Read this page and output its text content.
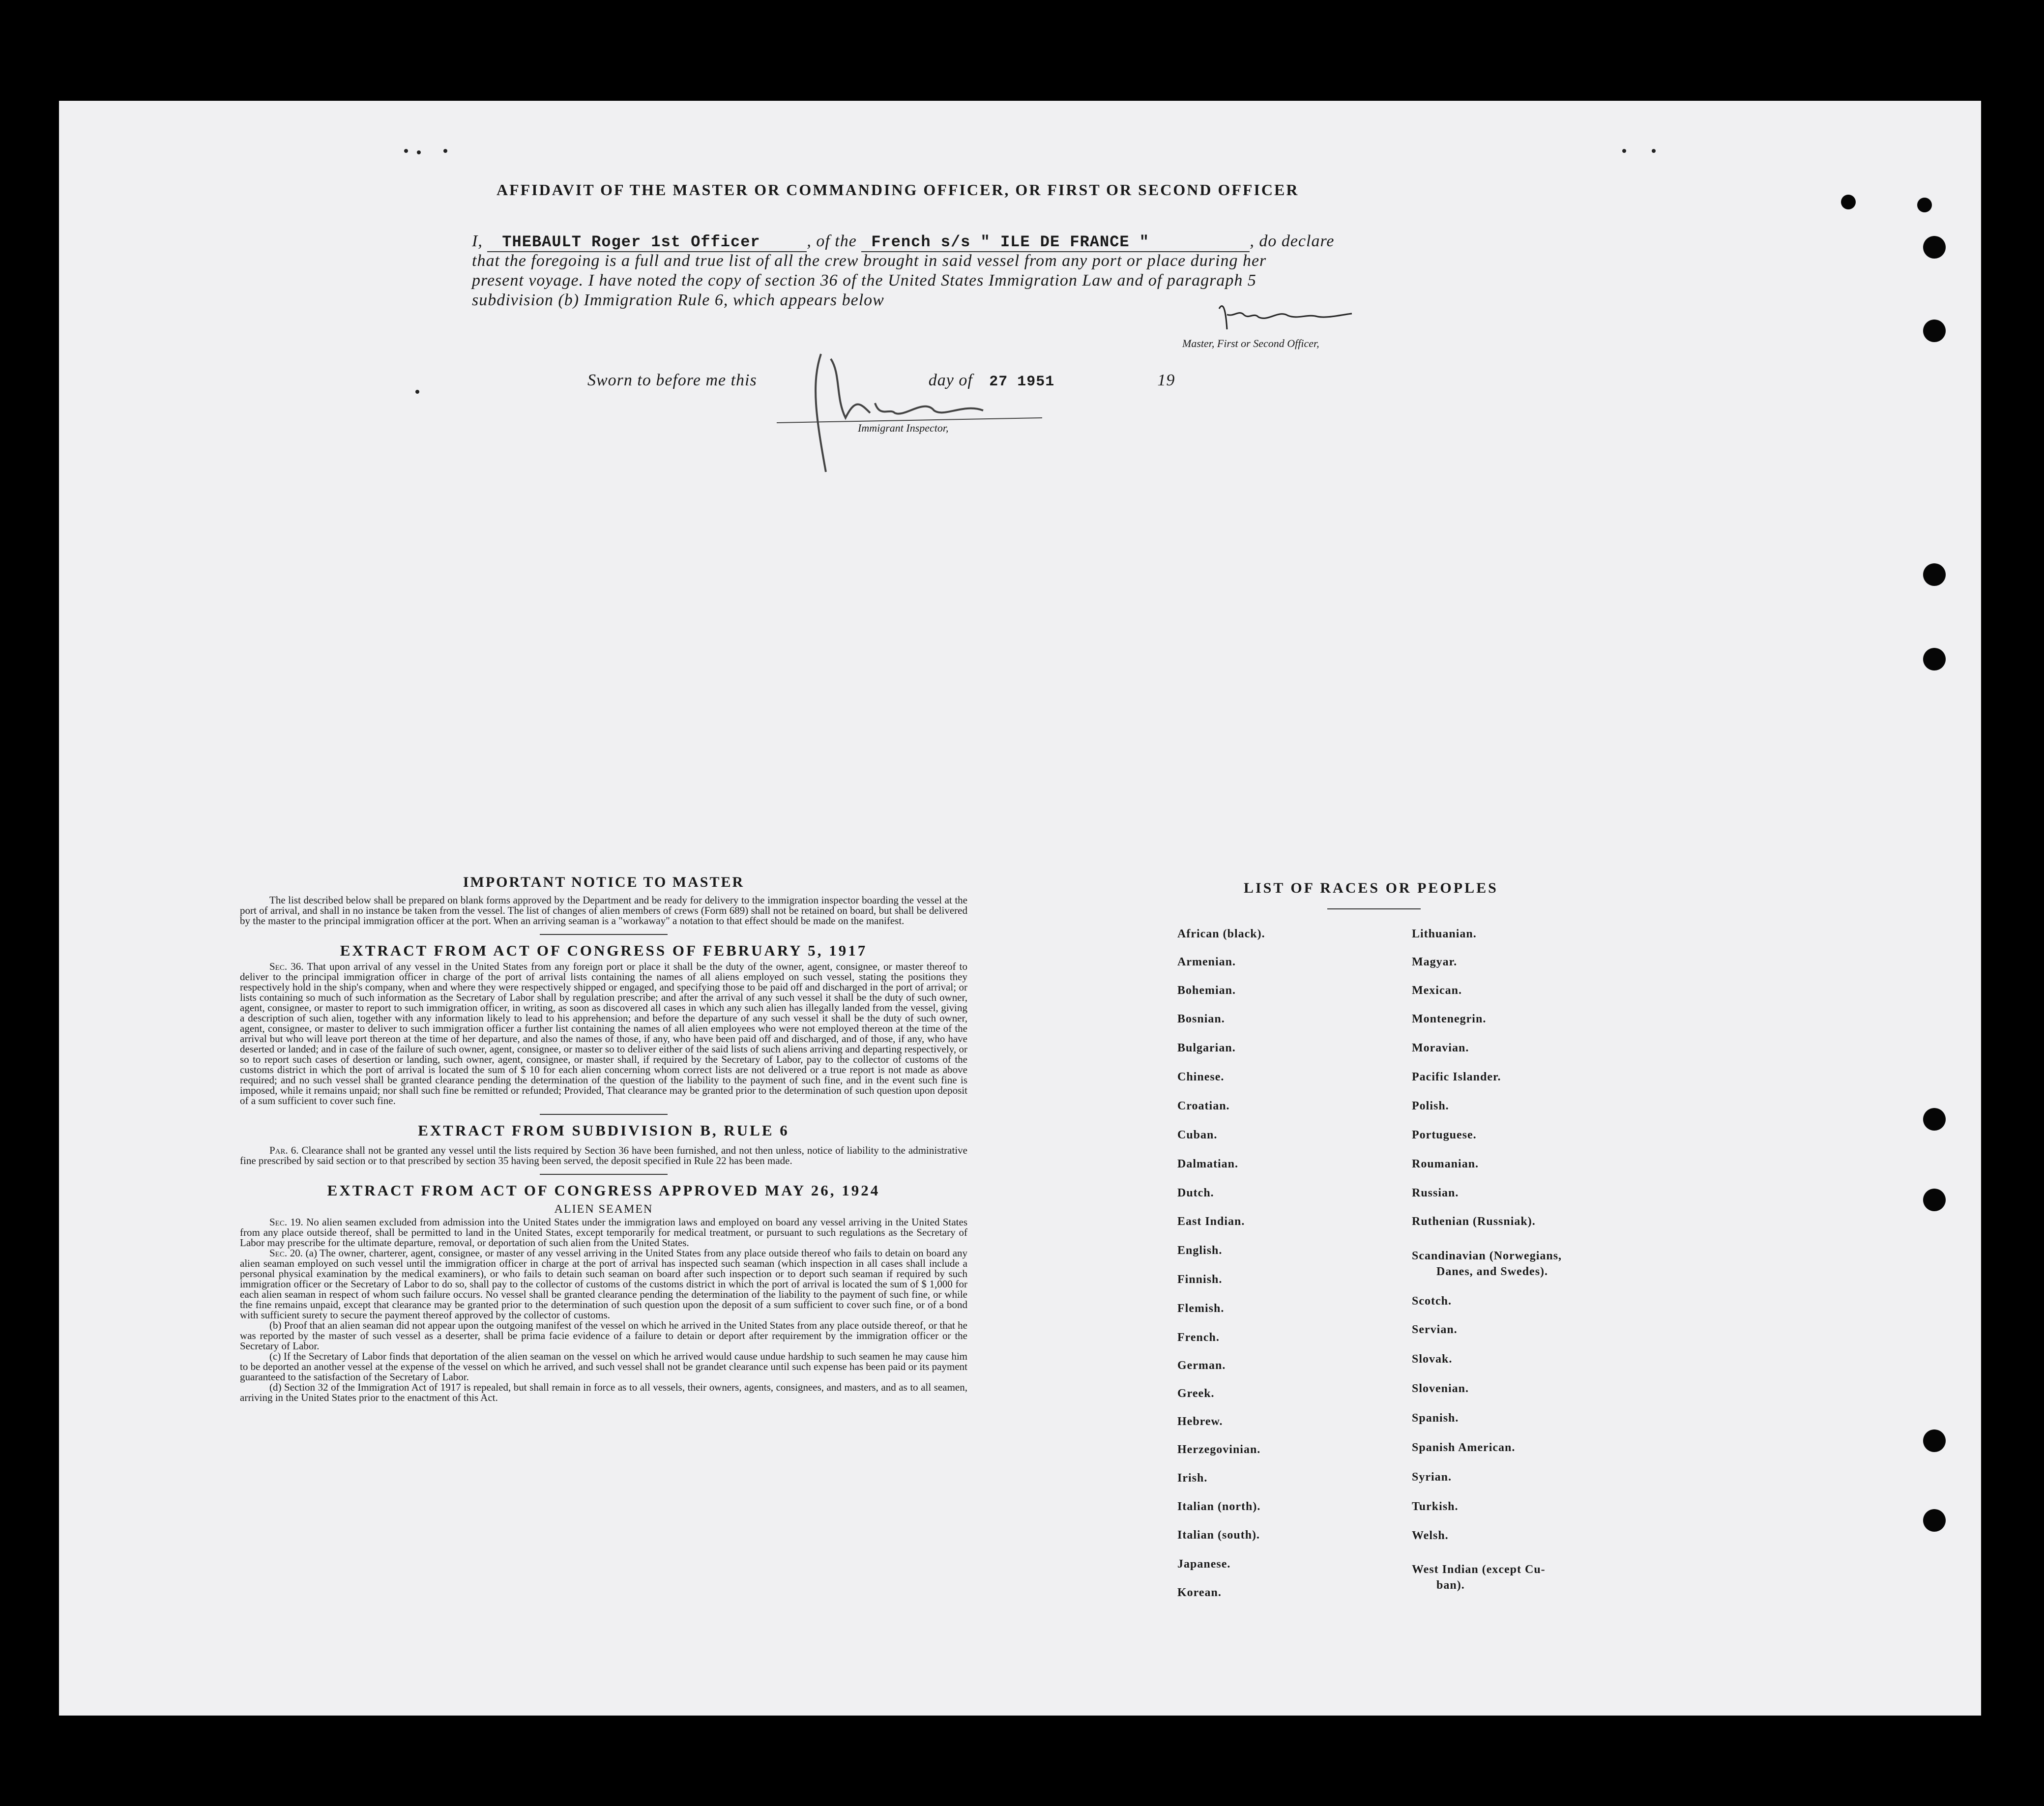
AFFIDAVIT OF THE MASTER OR COMMANDING OFFICER, OR FIRST OR SECOND OFFICER
I, THEBAULT Roger 1st Officer	, of the French s/s " ILE DE FRANCE "	, do declare
that the foregoing is a full and true list of all the crew brought in said vessel from any port or place during her
present voyage. I have noted the copy of section 36 of the United States Immigration Law and of paragraph 5
subdivision (b) Immigration Rule 6, which appears below
Master, First or Second Officer,
Sworn to before me this	day of 27 1951	19
Immigrant Inspector,

IMPORTANT NOTICE TO MASTER

The list described below shall be prepared on blank forms approved by the Department and be ready for delivery to the immigration inspector boarding the vessel at the port of arrival, and shall in no instance be taken from the vessel. The list of changes of alien members of crews (Form 689) shall not be retained on board, but shall be delivered by the master to the principal immigration officer at the port. When an arriving seaman is a "workaway" a notation to that effect should be made on the manifest.

EXTRACT FROM ACT OF CONGRESS OF FEBRUARY 5, 1917

Sec. 36. That upon arrival of any vessel in the United States from any foreign port or place it shall be the duty of the owner, agent, consignee, or master thereof to deliver to the principal immigration officer in charge of the port of arrival lists containing the names of all aliens employed on such vessel, stating the positions they respectively hold in the ship's company, when and where they were respectively shipped or engaged, and specifying those to be paid off and discharged in the port of arrival; or lists containing so much of such information as the Secretary of Labor shall by regulation prescribe; and after the arrival of any such vessel it shall be the duty of such owner, agent, consignee, or master to report to such immigration officer, in writing, as soon as discovered all cases in which any such alien has illegally landed from the vessel, giving a description of such alien, together with any information likely to lead to his apprehension; and before the departure of any such vessel it shall be the duty of such owner, agent, consignee, or master to deliver to such immigration officer a further list containing the names of all alien employees who were not employed thereon at the time of the arrival but who will leave port thereon at the time of her departure, and also the names of those, if any, who have been paid off and discharged, and of those, if any, who have deserted or landed; and in case of the failure of such owner, agent, consignee, or master so to deliver either of the said lists of such aliens arriving and departing respectively, or so to report such cases of desertion or landing, such owner, agent, consignee, or master shall, if required by the Secretary of Labor, pay to the collector of customs of the customs district in which the port of arrival is located the sum of $ 10 for each alien concerning whom correct lists are not delivered or a true report is not made as above required; and no such vessel shall be granted clearance pending the determination of the question of the liability to the payment of such fine, and in the event such fine is imposed, while it remains unpaid; nor shall such fine be remitted or refunded; Provided, That clearance may be granted prior to the determination of such question upon deposit of a sum sufficient to cover such fine.

EXTRACT FROM SUBDIVISION B, RULE 6

Par. 6. Clearance shall not be granted any vessel until the lists required by Section 36 have been furnished, and not then unless, notice of liability to the administrative fine prescribed by said section or to that prescribed by section 35 having been served, the deposit specified in Rule 22 has been made.

EXTRACT FROM ACT OF CONGRESS APPROVED MAY 26, 1924

ALIEN SEAMEN

Sec. 19. No alien seamen excluded from admission into the United States under the immigration laws and employed on board any vessel arriving in the United States from any place outside thereof, shall be permitted to land in the United States, except temporarily for medical treatment, or pursuant to such regulations as the Secretary of Labor may prescribe for the ultimate departure, removal, or deportation of such alien from the United States.

Sec. 20. (a) The owner, charterer, agent, consignee, or master of any vessel arriving in the United States from any place outside thereof who fails to detain on board any alien seaman employed on such vessel until the immigration officer in charge at the port of arrival has inspected such seaman (which inspection in all cases shall include a personal physical examination by the medical examiners), or who fails to detain such seaman on board after such inspection or to deport such seaman if required by such immigration officer or the Secretary of Labor to do so, shall pay to the collector of customs of the customs district in which the port of arrival is located the sum of $ 1,000 for each alien seaman in respect of whom such failure occurs. No vessel shall be granted clearance pending the determination of the liability to the payment of such fine, or while the fine remains unpaid, except that clearance may be granted prior to the determination of such question upon the deposit of a sum sufficient to cover such fine, or of a bond with sufficient surety to secure the payment thereof approved by the collector of customs.

(b) Proof that an alien seaman did not appear upon the outgoing manifest of the vessel on which he arrived in the United States from any place outside thereof, or that he was reported by the master of such vessel as a deserter, shall be prima facie evidence of a failure to detain or deport after requirement by the immigration officer or the Secretary of Labor.

(c) If the Secretary of Labor finds that deportation of the alien seaman on the vessel on which he arrived would cause undue hardship to such seamen he may cause him to be deported an another vessel at the expense of the vessel on which he arrived, and such vessel shall not be grandet clearance until such expense has been paid or its payment guaranteed to the satisfaction of the Secretary of Labor.

(d) Section 32 of the Immigration Act of 1917 is repealed, but shall remain in force as to all vessels, their owners, agents, consignees, and masters, and as to all seamen, arriving in the United States prior to the enactment of this Act.

LIST OF RACES OR PEOPLES
African (black).
Armenian.
Bohemian.
Bosnian.
Bulgarian.
Chinese.
Croatian.
Cuban.
Dalmatian.
Dutch.
East Indian.
English.
Finnish.
Flemish.
French.
German.
Greek.
Hebrew.
Herzegovinian.
Irish.
Italian (north).
Italian (south).
Japanese.
Korean.
Lithuanian.
Magyar.
Mexican.
Montenegrin.
Moravian.
Pacific Islander.
Polish.
Portuguese.
Roumanian.
Russian.
Ruthenian (Russniak).
Scandinavian (Norwegians,
Danes, and Swedes).
Scotch.
Servian.
Slovak.
Slovenian.
Spanish.
Spanish American.
Syrian.
Turkish.
Welsh.
West Indian (except Cu-
ban).
